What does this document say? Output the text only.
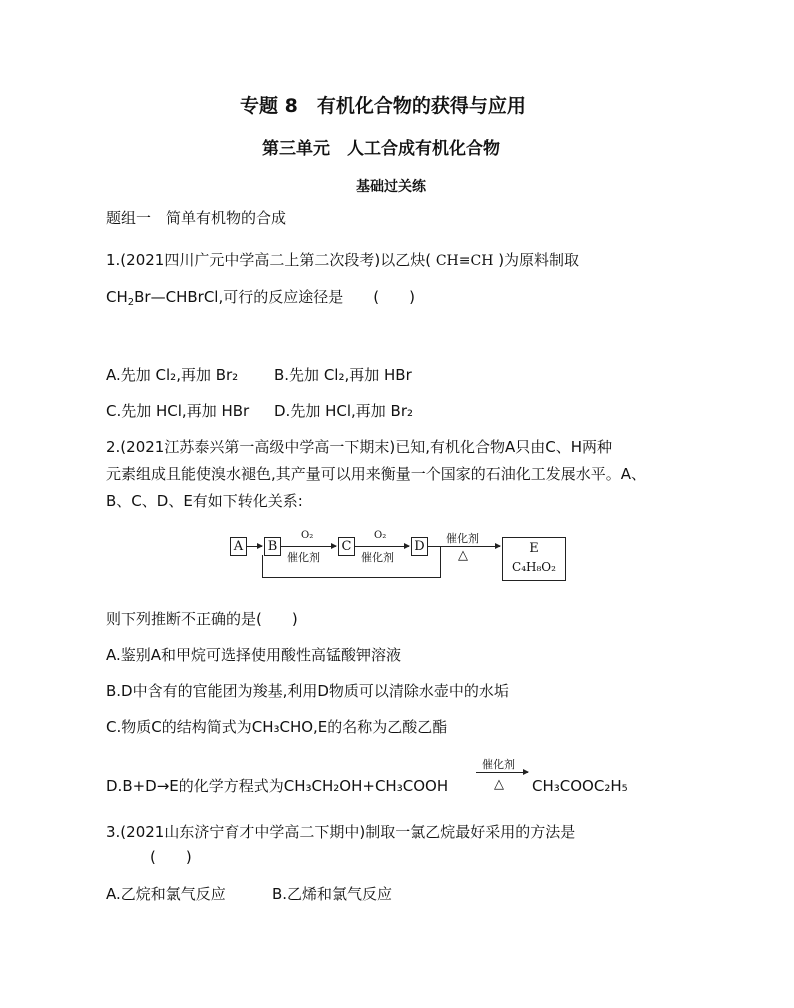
专题 8　有机化合物的获得与应用
第三单元　人工合成有机化合物
基础过关练
题组一　简单有机物的合成
1.(2021四川广元中学高二上第二次段考)以乙炔( CH≡CH )为原料制取
$CH_2Br—CHBrCl$,可行的反应途径是　　(　　)
A.先加 Cl₂,再加 Br₂ B.先加 Cl₂,再加 HBr
C.先加 HCl,再加 HBr D.先加 HCl,再加 Br₂
2.(2021江苏泰兴第一高级中学高一下期末)已知,有机化合物A只由C、H两种
元素组成且能使溴水褪色,其产量可以用来衡量一个国家的石油化工发展水平。A、
B、C、D、E有如下转化关系:
A B
O₂
催化剂
C
O₂
催化剂
D
催化剂
△	E
C₄H₈O₂
则下列推断不正确的是(　　)
A.鉴别A和甲烷可选择使用酸性高锰酸钾溶液
B.D中含有的官能团为羧基,利用D物质可以清除水壶中的水垢
C.物质C的结构简式为CH₃CHO,E的名称为乙酸乙酯
D.B+D→E的化学方程式为CH₃CH₂OH+CH₃COOH
催化剂
△ CH₃COOC₂H₅
3.(2021山东济宁育才中学高二下期中)制取一氯乙烷最好采用的方法是
(　　)
A.乙烷和氯气反应	B.乙烯和氯气反应
